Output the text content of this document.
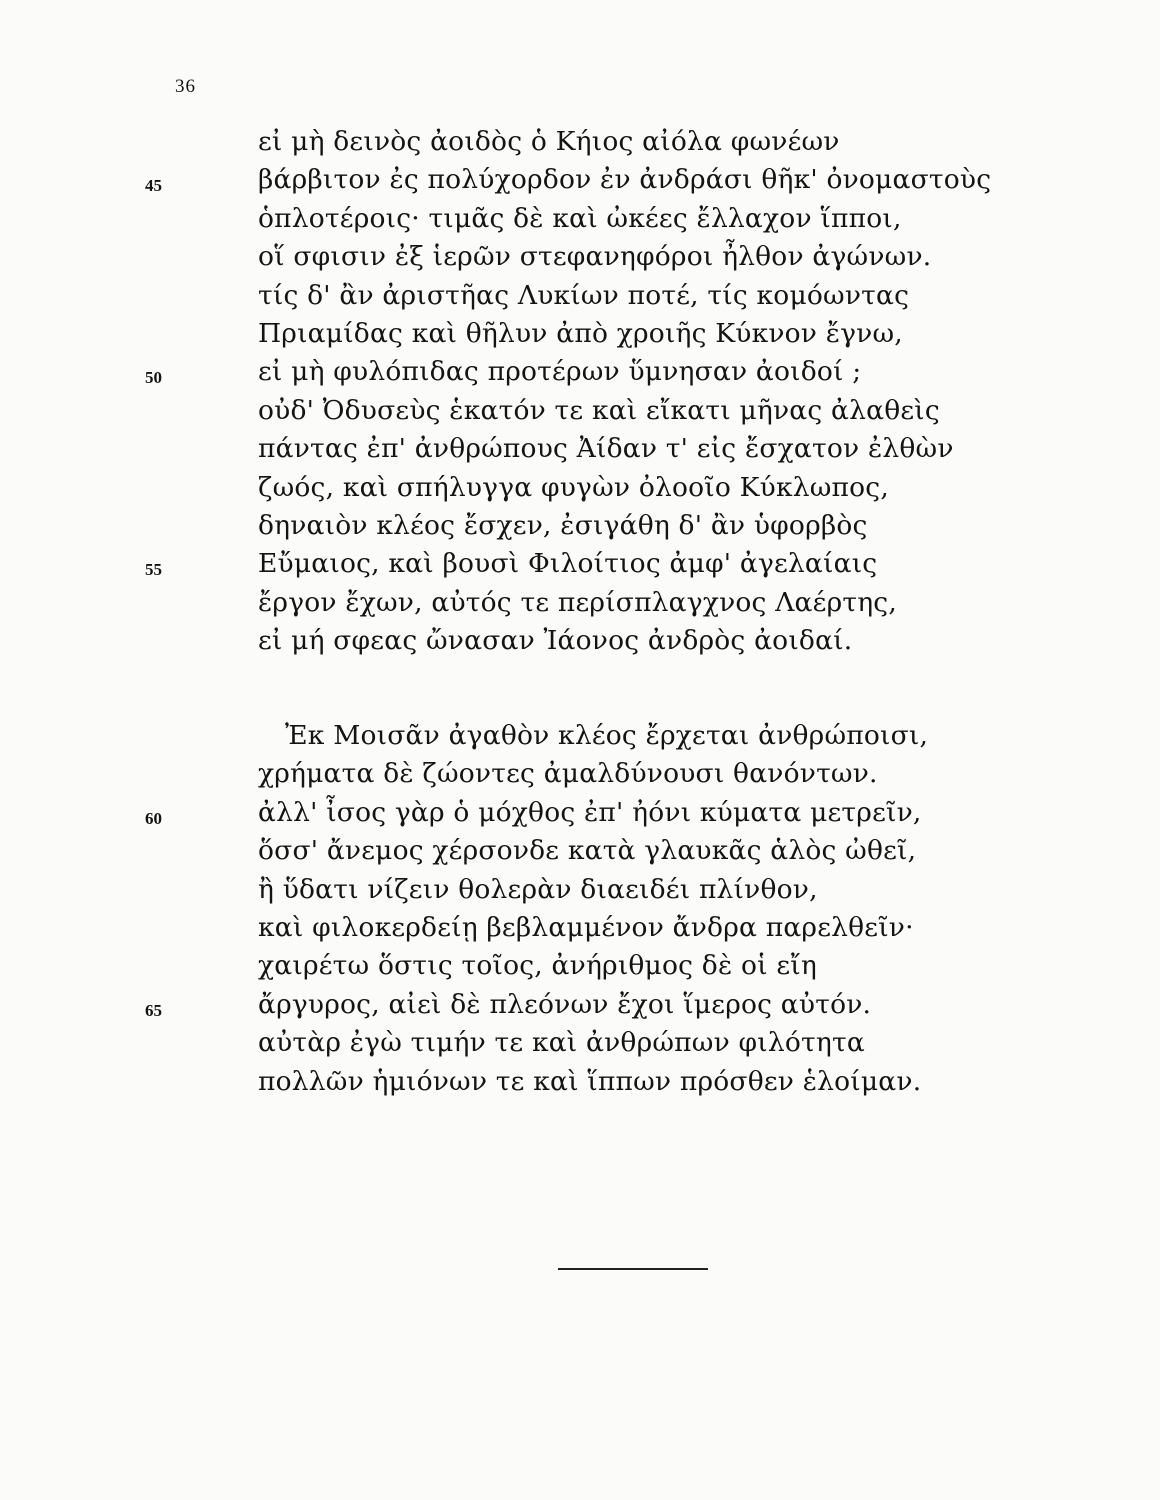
36
εἰ μὴ δεινὸς ἀοιδὸς ὁ Κήιος αἰόλα φωνέων
45	βάρβιτον ἐς πολύχορδον ἐν ἀνδράσι θῆκ' ὀνομαστοὺς
ὁπλοτέροις· τιμᾶς δὲ καὶ ὠκέες ἔλλαχον ἵπποι,
οἵ σφισιν ἐξ ἱερῶν στεφανηφόροι ἦλθον ἀγώνων.
τίς δ' ἂν ἀριστῆας Λυκίων ποτέ, τίς κομόωντας
Πριαμίδας καὶ θῆλυν ἀπὸ χροιῆς Κύκνον ἔγνω,
50	εἰ μὴ φυλόπιδας προτέρων ὕμνησαν ἀοιδοί ;
οὐδ' Ὀδυσεὺς ἑκατόν τε καὶ εἴκατι μῆνας ἀλαθεὶς
πάντας ἐπ' ἀνθρώπους Ἀίδαν τ' εἰς ἔσχατον ἐλθὼν
ζωός, καὶ σπήλυγγα φυγὼν ὀλοοῖο Κύκλωπος,
δηναιὸν κλέος ἔσχεν, ἐσιγάθη δ' ἂν ὑφορβὸς
55	Εὔμαιος, καὶ βουσὶ Φιλοίτιος ἀμφ' ἀγελαίαις
ἔργον ἔχων, αὐτός τε περίσπλαγχνος Λαέρτης,
εἰ μή σφεας ὤνασαν Ἰάονος ἀνδρὸς ἀοιδαί.
Ἐκ Μοισᾶν ἀγαθὸν κλέος ἔρχεται ἀνθρώποισι,
χρήματα δὲ ζώοντες ἀμαλδύνουσι θανόντων.
60	ἀλλ' ἶσος γὰρ ὁ μόχθος ἐπ' ἠόνι κύματα μετρεῖν,
ὅσσ' ἄνεμος χέρσονδε κατὰ γλαυκᾶς ἁλὸς ὠθεῖ,
ἢ ὕδατι νίζειν θολερὰν διαειδέι πλίνθον,
καὶ φιλοκερδείῃ βεβλαμμένον ἄνδρα παρελθεῖν·
χαιρέτω ὅστις τοῖος, ἀνήριθμος δὲ οἱ εἴη
65	ἄργυρος, αἰεὶ δὲ πλεόνων ἔχοι ἵμερος αὐτόν.
αὐτὰρ ἐγὼ τιμήν τε καὶ ἀνθρώπων φιλότητα
πολλῶν ἡμιόνων τε καὶ ἵππων πρόσθεν ἑλοίμαν.
